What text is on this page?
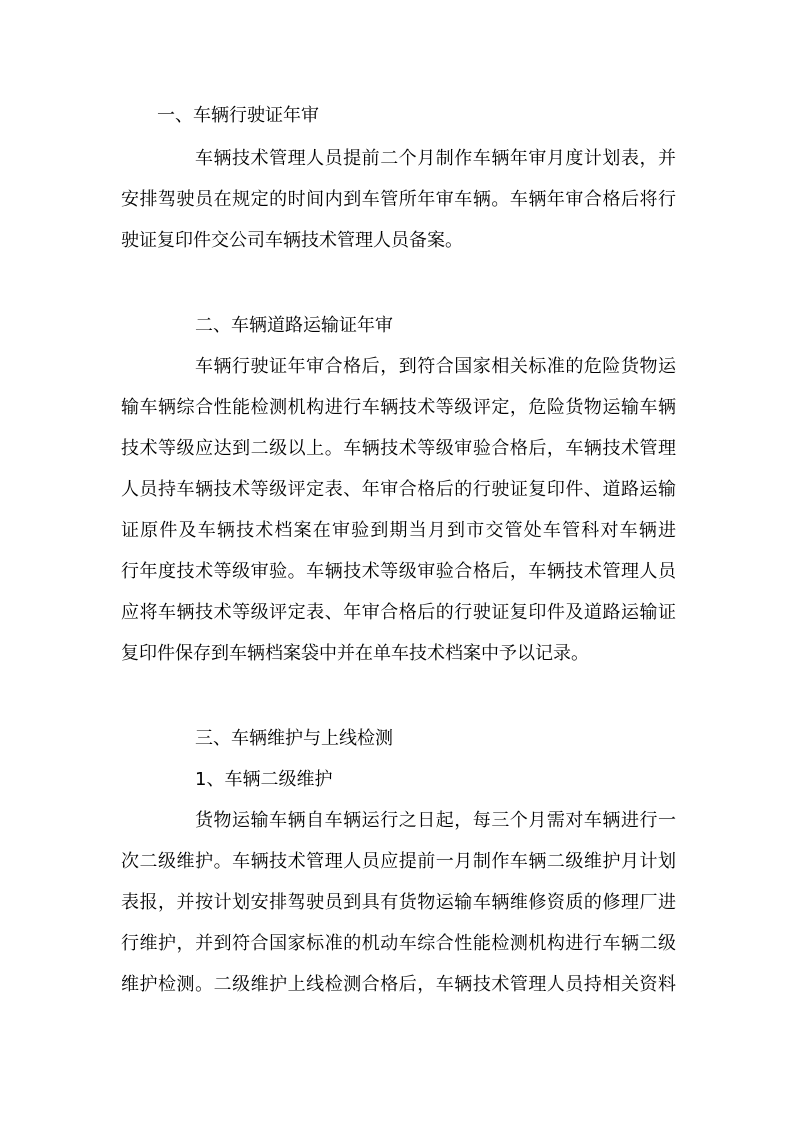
一、车辆行驶证年审
车辆技术管理人员提前二个月制作车辆年审月度计划表，并
安排驾驶员在规定的时间内到车管所年审车辆。车辆年审合格后将行
驶证复印件交公司车辆技术管理人员备案。
二、车辆道路运输证年审
车辆行驶证年审合格后，到符合国家相关标准的危险货物运
输车辆综合性能检测机构进行车辆技术等级评定，危险货物运输车辆
技术等级应达到二级以上。车辆技术等级审验合格后，车辆技术管理
人员持车辆技术等级评定表、年审合格后的行驶证复印件、道路运输
证原件及车辆技术档案在审验到期当月到市交管处车管科对车辆进
行年度技术等级审验。车辆技术等级审验合格后，车辆技术管理人员
应将车辆技术等级评定表、年审合格后的行驶证复印件及道路运输证
复印件保存到车辆档案袋中并在单车技术档案中予以记录。
三、车辆维护与上线检测
1、车辆二级维护
货物运输车辆自车辆运行之日起，每三个月需对车辆进行一
次二级维护。车辆技术管理人员应提前一月制作车辆二级维护月计划
表报，并按计划安排驾驶员到具有货物运输车辆维修资质的修理厂进
行维护，并到符合国家标准的机动车综合性能检测机构进行车辆二级
维护检测。二级维护上线检测合格后，车辆技术管理人员持相关资料
